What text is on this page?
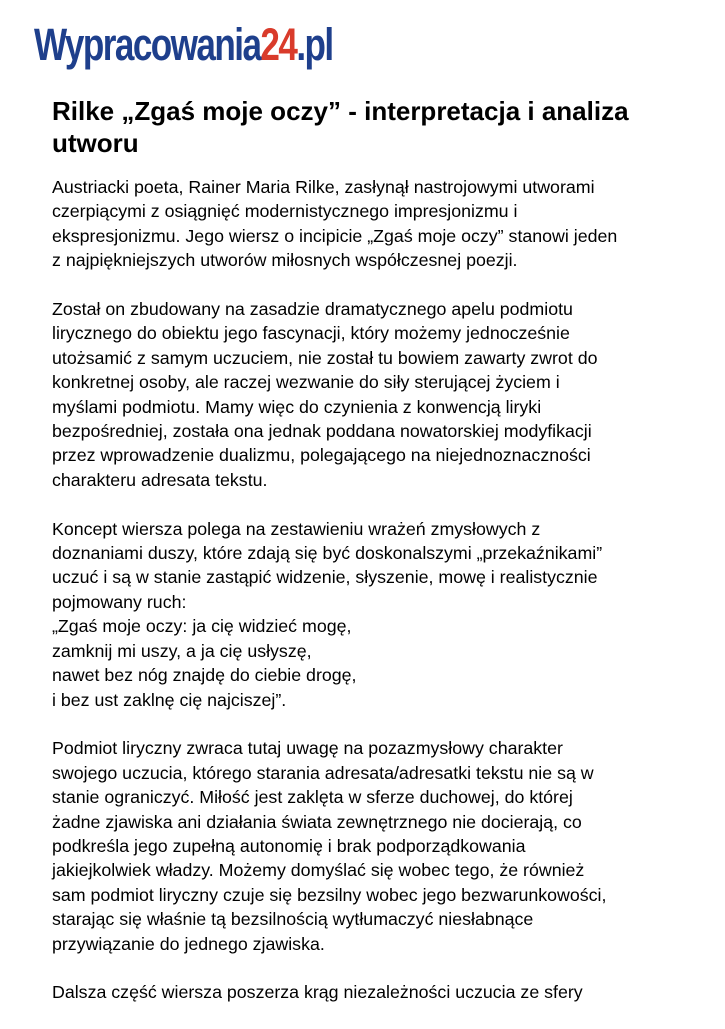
Wypracowania24.pl
Rilke „Zgaś moje oczy” - interpretacja i analiza
utworu

Austriacki poeta, Rainer Maria Rilke, zasłynął nastrojowymi utworami
czerpiącymi z osiągnięć modernistycznego impresjonizmu i
ekspresjonizmu. Jego wiersz o incipicie „Zgaś moje oczy” stanowi jeden
z najpiękniejszych utworów miłosnych współczesnej poezji.

Został on zbudowany na zasadzie dramatycznego apelu podmiotu
lirycznego do obiektu jego fascynacji, który możemy jednocześnie
utożsamić z samym uczuciem, nie został tu bowiem zawarty zwrot do
konkretnej osoby, ale raczej wezwanie do siły sterującej życiem i
myślami podmiotu. Mamy więc do czynienia z konwencją liryki
bezpośredniej, została ona jednak poddana nowatorskiej modyfikacji
przez wprowadzenie dualizmu, polegającego na niejednoznaczności
charakteru adresata tekstu.

Koncept wiersza polega na zestawieniu wrażeń zmysłowych z
doznaniami duszy, które zdają się być doskonalszymi „przekaźnikami”
uczuć i są w stanie zastąpić widzenie, słyszenie, mowę i realistycznie
pojmowany ruch:
„Zgaś moje oczy: ja cię widzieć mogę,
zamknij mi uszy, a ja cię usłyszę,
nawet bez nóg znajdę do ciebie drogę,
i bez ust zaklnę cię najciszej”.

Podmiot liryczny zwraca tutaj uwagę na pozazmysłowy charakter
swojego uczucia, którego starania adresata/adresatki tekstu nie są w
stanie ograniczyć. Miłość jest zaklęta w sferze duchowej, do której
żadne zjawiska ani działania świata zewnętrznego nie docierają, co
podkreśla jego zupełną autonomię i brak podporządkowania
jakiejkolwiek władzy. Możemy domyślać się wobec tego, że również
sam podmiot liryczny czuje się bezsilny wobec jego bezwarunkowości,
starając się właśnie tą bezsilnością wytłumaczyć niesłabnące
przywiązanie do jednego zjawiska.

Dalsza część wiersza poszerza krąg niezależności uczucia ze sfery
